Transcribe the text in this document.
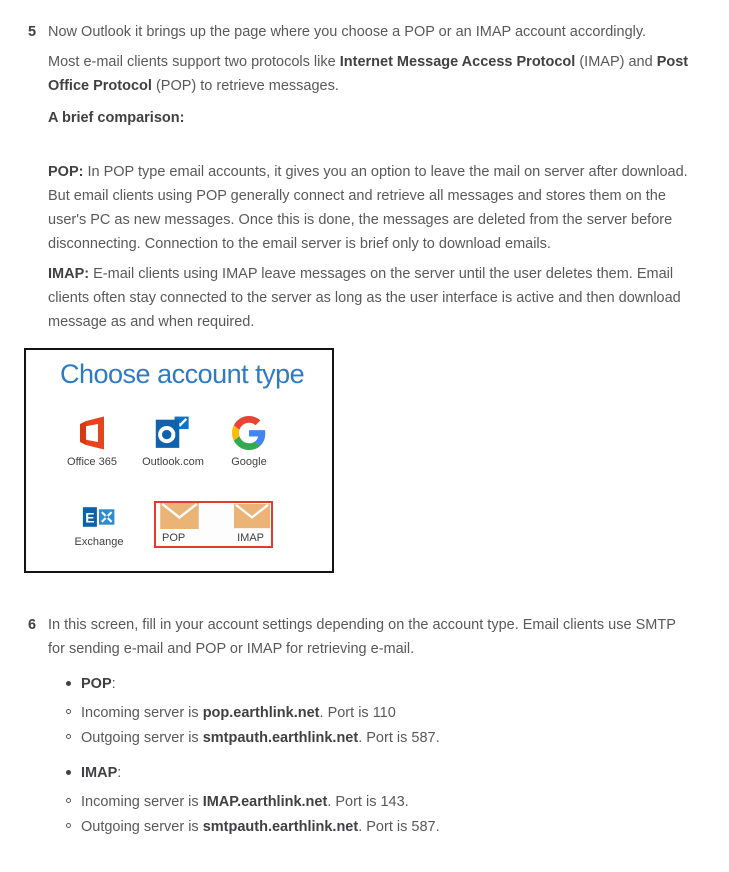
5 Now Outlook it brings up the page where you choose a POP or an IMAP account accordingly.

Most e-mail clients support two protocols like Internet Message Access Protocol (IMAP) and Post Office Protocol (POP) to retrieve messages.

A brief comparison:

POP: In POP type email accounts, it gives you an option to leave the mail on server after download. But email clients using POP generally connect and retrieve all messages and stores them on the user's PC as new messages. Once this is done, the messages are deleted from the server before disconnecting. Connection to the email server is brief only to download emails.

IMAP: E-mail clients using IMAP leave messages on the server until the user deletes them. Email clients often stay connected to the server as long as the user interface is active and then download message as and when required.

Choose account type
Office 365 Outlook.com Google
E
Exchange	POP	IMAP
6 In this screen, fill in your account settings depending on the account type. Email clients use SMTP for sending e-mail and POP or IMAP for retrieving e-mail.

POP:
Incoming server is pop.earthlink.net. Port is 110
Outgoing server is smtpauth.earthlink.net. Port is 587.
IMAP:
Incoming server is IMAP.earthlink.net. Port is 143.
Outgoing server is smtpauth.earthlink.net. Port is 587.
